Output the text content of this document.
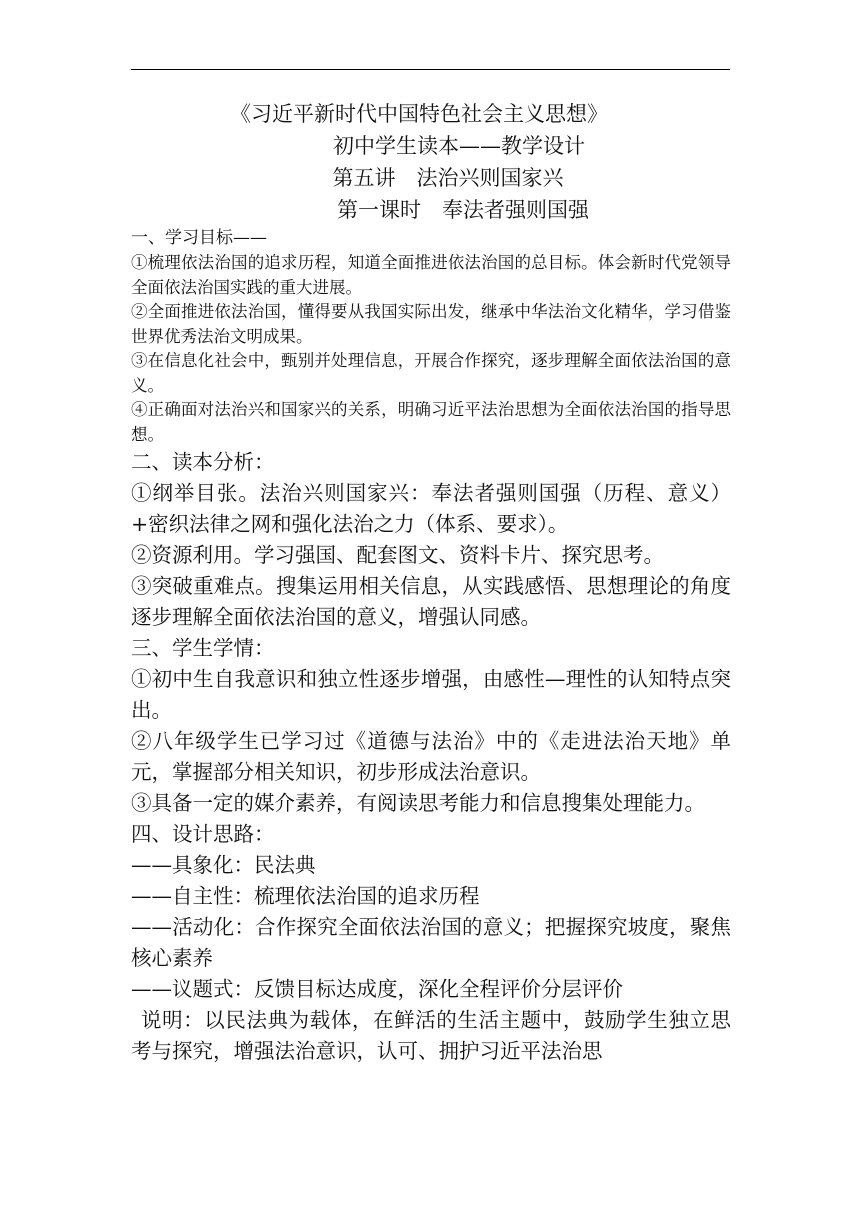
《习近平新时代中国特色社会主义思想》
初中学生读本——教学设计
第五讲　法治兴则国家兴
第一课时　奉法者强则国强

一、学习目标——

①梳理依法治国的追求历程，知道全面推进依法治国的总目标。体会新时代党领导全面依法治国实践的重大进展。

②全面推进依法治国，懂得要从我国实际出发，继承中华法治文化精华，学习借鉴世界优秀法治文明成果。

③在信息化社会中，甄别并处理信息，开展合作探究，逐步理解全面依法治国的意义。

④正确面对法治兴和国家兴的关系，明确习近平法治思想为全面依法治国的指导思想。

二、读本分析：

①纲举目张。法治兴则国家兴：奉法者强则国强（历程、意义）+密织法律之网和强化法治之力（体系、要求）。

②资源利用。学习强国、配套图文、资料卡片、探究思考。

③突破重难点。搜集运用相关信息，从实践感悟、思想理论的角度逐步理解全面依法治国的意义，增强认同感。

三、学生学情：

①初中生自我意识和独立性逐步增强，由感性—理性的认知特点突出。

②八年级学生已学习过《道德与法治》中的《走进法治天地》单元，掌握部分相关知识，初步形成法治意识。

③具备一定的媒介素养，有阅读思考能力和信息搜集处理能力。

四、设计思路：

——具象化：民法典

——自主性：梳理依法治国的追求历程

——活动化：合作探究全面依法治国的意义；把握探究坡度，聚焦核心素养

——议题式：反馈目标达成度，深化全程评价分层评价

说明：以民法典为载体，在鲜活的生活主题中，鼓励学生独立思考与探究，增强法治意识，认可、拥护习近平法治思
